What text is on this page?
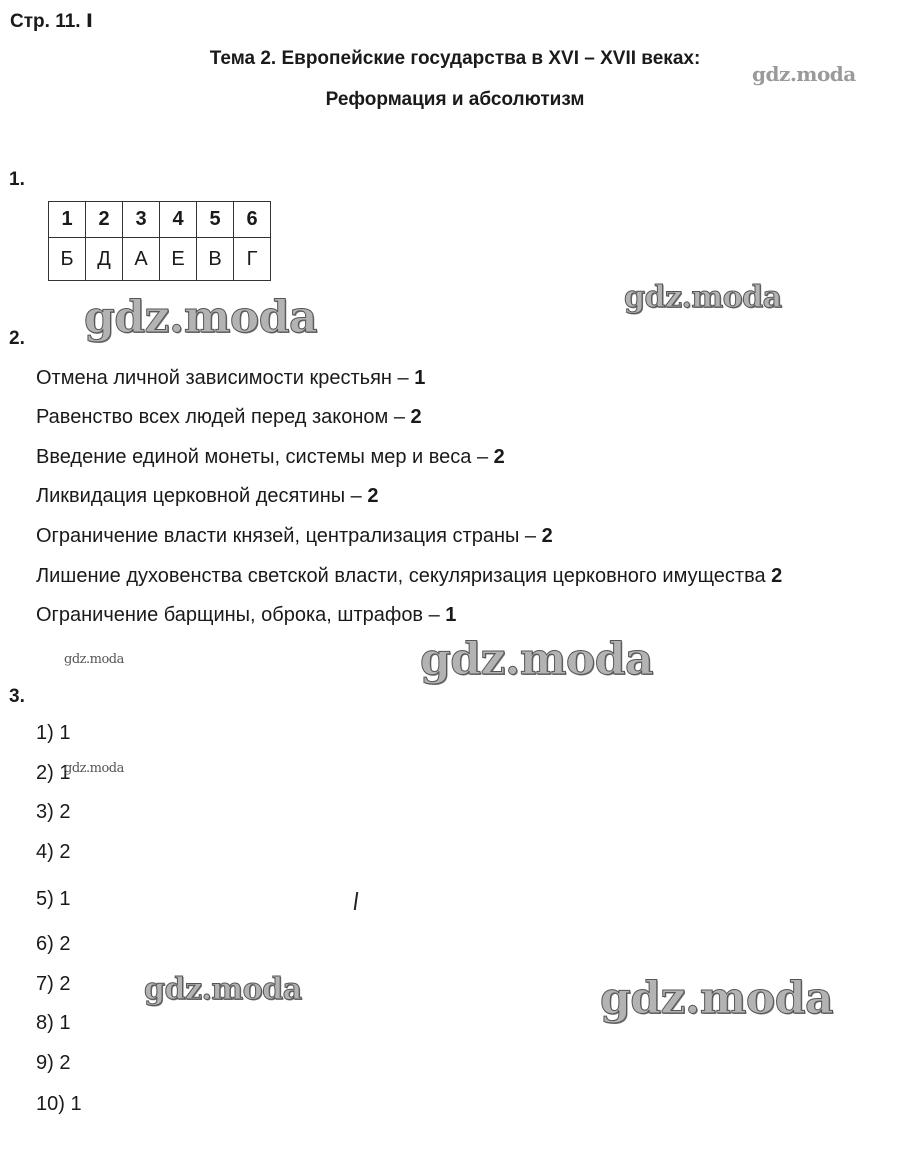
Стр. 11. Ⅰ
Тема 2. Европейские государства в XVI – XVII веках:
Реформация и абсолютизм
1.
1	2	3	4	5	6
Б	Д	А	Е	В	Г
2.
Отмена личной зависимости крестьян – 1
Равенство всех людей перед законом – 2
Введение единой монеты, системы мер и веса – 2
Ликвидация церковной десятины – 2
Ограничение власти князей, централизация страны – 2
Лишение духовенства светской власти, секуляризация церковного имущества 2
Ограничение барщины, оброка, штрафов – 1
3.
1) 1
2) 1
3) 2
4) 2
5) 1
6) 2
7) 2
8) 1
9) 2
10) 1
gdz.moda
gdz.moda	gdz.moda
gdz.moda	gdz.moda
gdz.moda
gdz.moda	gdz.moda
